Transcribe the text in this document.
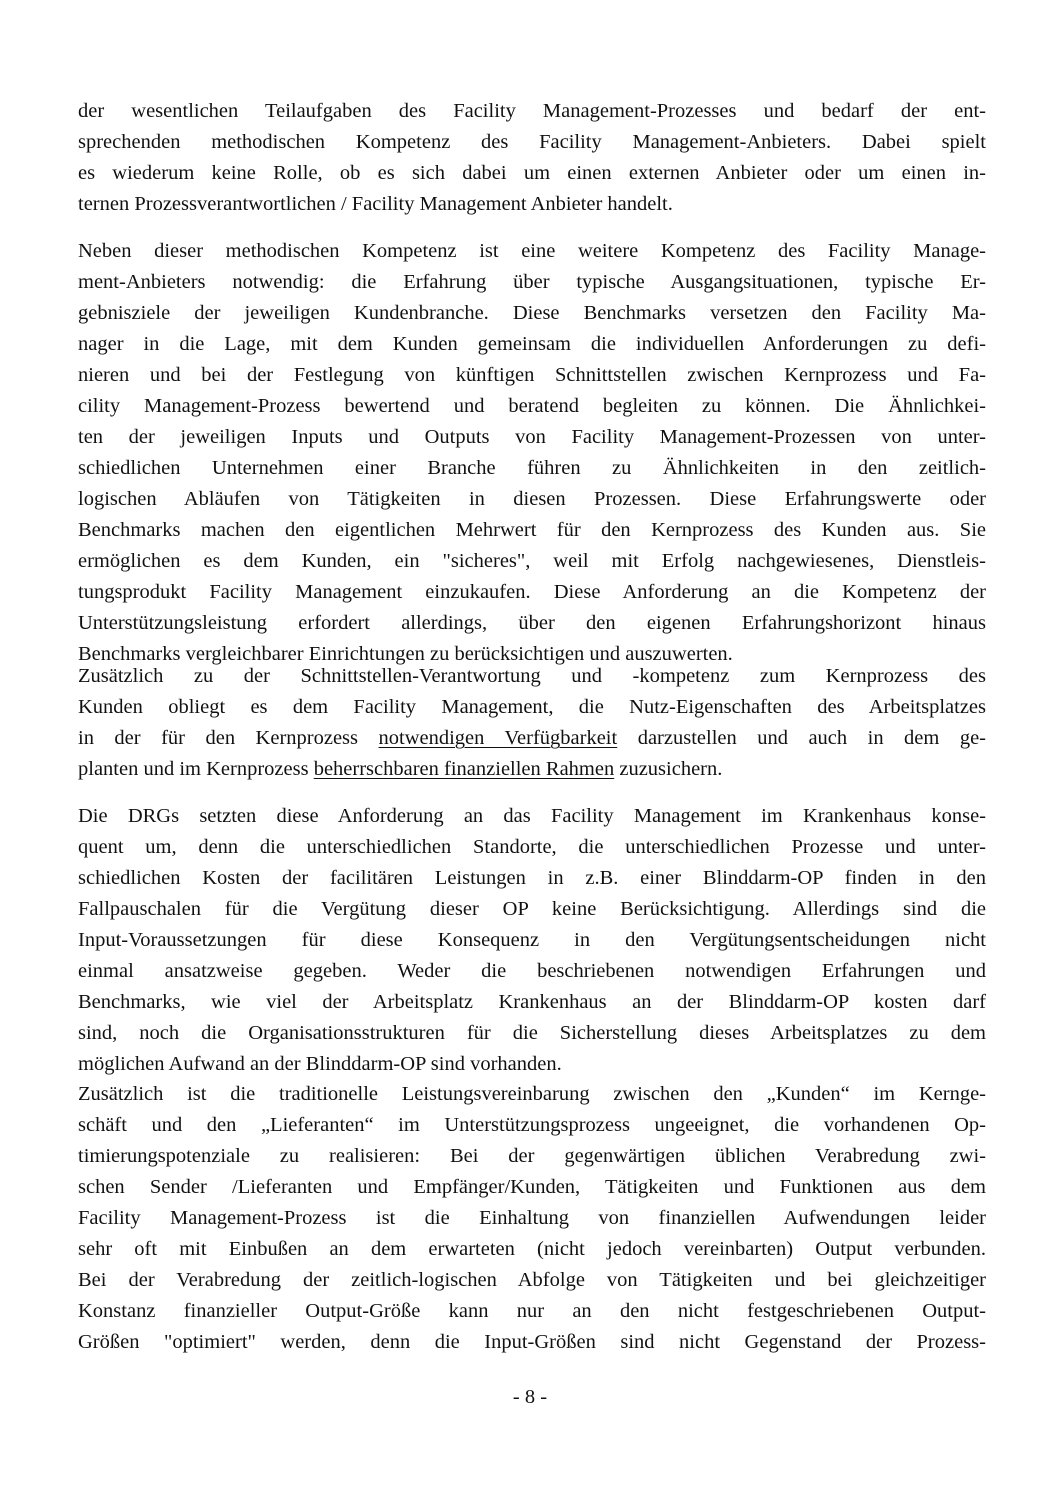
der wesentlichen Teilaufgaben des Facility Management-Prozesses und bedarf der ent-
sprechenden methodischen Kompetenz des Facility Management-Anbieters. Dabei spielt
es wiederum keine Rolle, ob es sich dabei um einen externen Anbieter oder um einen in-
ternen Prozessverantwortlichen / Facility Management Anbieter handelt.
Neben dieser methodischen Kompetenz ist eine weitere Kompetenz des Facility Manage-
ment-Anbieters notwendig: die Erfahrung über typische Ausgangsituationen, typische Er-
gebnisziele der jeweiligen Kundenbranche. Diese Benchmarks versetzen den Facility Ma-
nager in die Lage, mit dem Kunden gemeinsam die individuellen Anforderungen zu defi-
nieren und bei der Festlegung von künftigen Schnittstellen zwischen Kernprozess und Fa-
cility Management-Prozess bewertend und beratend begleiten zu können. Die Ähnlichkei-
ten der jeweiligen Inputs und Outputs von Facility Management-Prozessen von unter-
schiedlichen Unternehmen einer Branche führen zu Ähnlichkeiten in den zeitlich-
logischen Abläufen von Tätigkeiten in diesen Prozessen. Diese Erfahrungswerte oder
Benchmarks machen den eigentlichen Mehrwert für den Kernprozess des Kunden aus. Sie
ermöglichen es dem Kunden, ein "sicheres", weil mit Erfolg nachgewiesenes, Dienstleis-
tungsprodukt Facility Management einzukaufen. Diese Anforderung an die Kompetenz der
Unterstützungsleistung erfordert allerdings, über den eigenen Erfahrungshorizont hinaus
Benchmarks vergleichbarer Einrichtungen zu berücksichtigen und auszuwerten.
Zusätzlich zu der Schnittstellen-Verantwortung und -kompetenz zum Kernprozess des
Kunden obliegt es dem Facility Management, die Nutz-Eigenschaften des Arbeitsplatzes
in der für den Kernprozess notwendigen Verfügbarkeit darzustellen und auch in dem ge-
planten und im Kernprozess beherrschbaren finanziellen Rahmen zuzusichern.
Die DRGs setzten diese Anforderung an das Facility Management im Krankenhaus konse-
quent um, denn die unterschiedlichen Standorte, die unterschiedlichen Prozesse und unter-
schiedlichen Kosten der facilitären Leistungen in z.B. einer Blinddarm-OP finden in den
Fallpauschalen für die Vergütung dieser OP keine Berücksichtigung. Allerdings sind die
Input-Voraussetzungen für diese Konsequenz in den Vergütungsentscheidungen nicht
einmal ansatzweise gegeben. Weder die beschriebenen notwendigen Erfahrungen und
Benchmarks, wie viel der Arbeitsplatz Krankenhaus an der Blinddarm-OP kosten darf
sind, noch die Organisationsstrukturen für die Sicherstellung dieses Arbeitsplatzes zu dem
möglichen Aufwand an der Blinddarm-OP sind vorhanden.
Zusätzlich ist die traditionelle Leistungsvereinbarung zwischen den „Kunden“ im Kernge-
schäft und den „Lieferanten“ im Unterstützungsprozess ungeeignet, die vorhandenen Op-
timierungspotenziale zu realisieren: Bei der gegenwärtigen üblichen Verabredung zwi-
schen Sender /Lieferanten und Empfänger/Kunden, Tätigkeiten und Funktionen aus dem
Facility Management-Prozess ist die Einhaltung von finanziellen Aufwendungen leider
sehr oft mit Einbußen an dem erwarteten (nicht jedoch vereinbarten) Output verbunden.
Bei der Verabredung der zeitlich-logischen Abfolge von Tätigkeiten und bei gleichzeitiger
Konstanz finanzieller Output-Größe kann nur an den nicht festgeschriebenen Output-
Größen "optimiert" werden, denn die Input-Größen sind nicht Gegenstand der Prozess-
- 8 -
